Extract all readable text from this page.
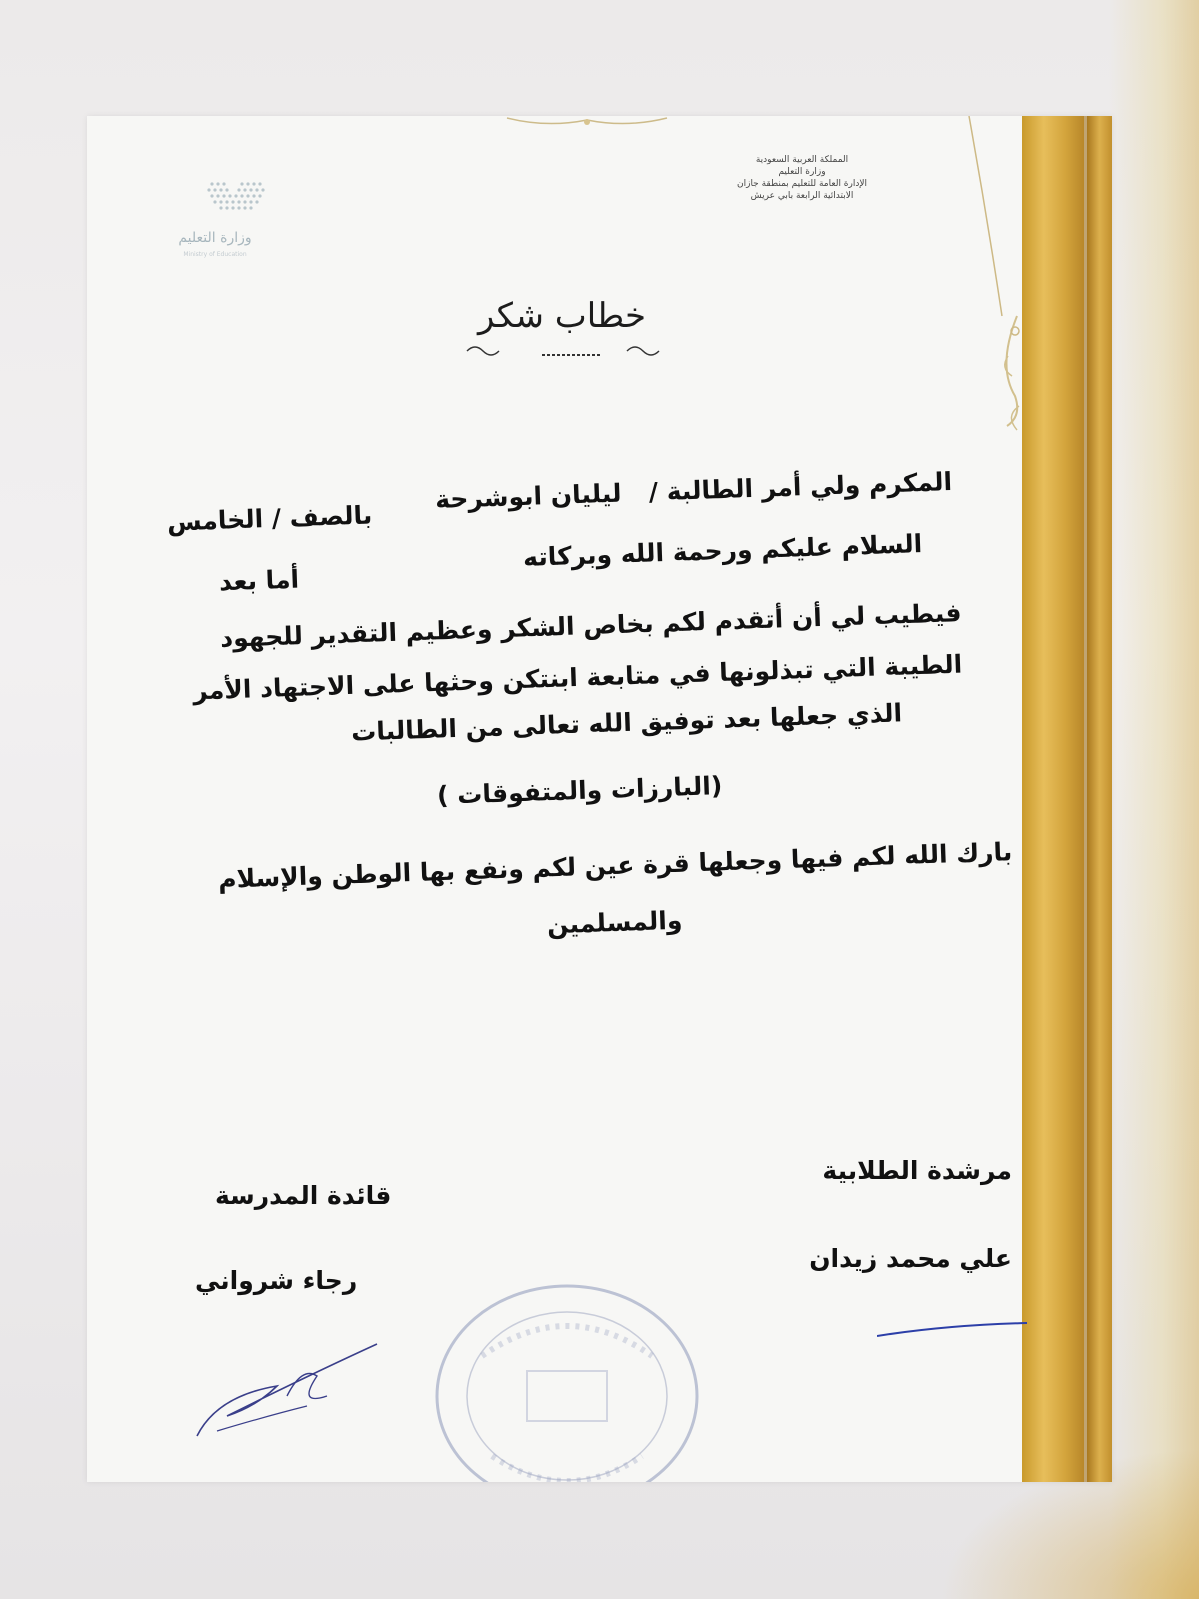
المملكة العربية السعودية
وزارة التعليم
الإدارة العامة للتعليم بمنطقة جازان
الابتدائية الرابعة بابي عريش
وزارة التعليم
Ministry of Education
خطاب شكر
المكرم ولي أمر الطالبة /  ليليان ابوشرحة
بالصف / الخامس
السلام عليكم ورحمة الله وبركاته
أما بعد
فيطيب لي أن أتقدم لكم بخاص الشكر وعظيم التقدير للجهود
الطيبة التي تبذلونها في متابعة ابنتكن وحثها على الاجتهاد الأمر
الذي جعلها بعد توفيق الله تعالى من الطالبات
(البارزات والمتفوقات )
بارك الله لكم فيها وجعلها قرة عين لكم ونفع بها الوطن والإسلام
والمسلمين
مرشدة الطلابية
علي محمد زيدان
قائدة المدرسة
رجاء شرواني
